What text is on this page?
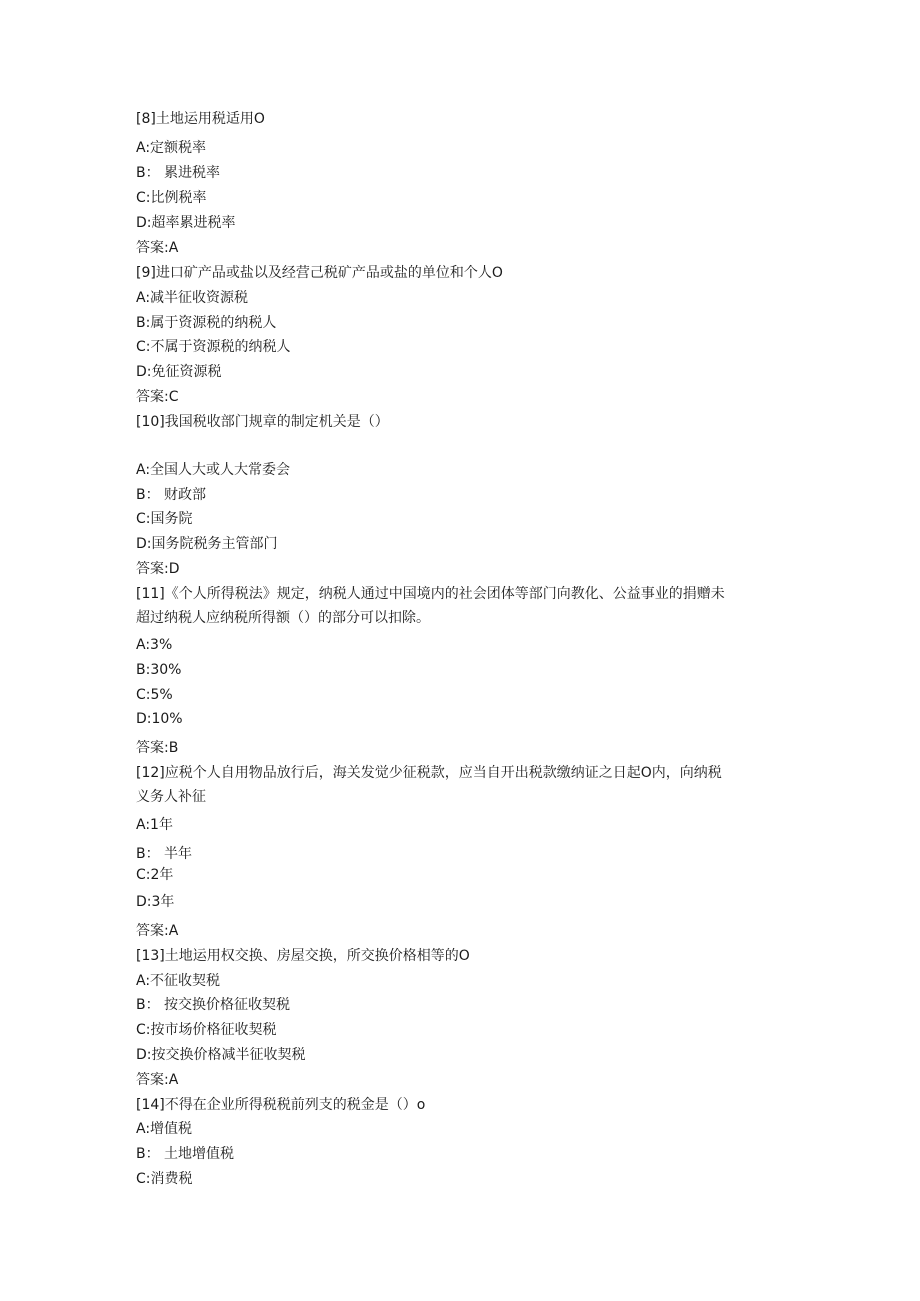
[8]土地运用税适用O
A:定额税率
B： 累进税率
C:比例税率
D:超率累进税率
答案:A
[9]进口矿产品或盐以及经营己税矿产品或盐的单位和个人O
A:减半征收资源税
B:属于资源税的纳税人
C:不属于资源税的纳税人
D:免征资源税
答案:C
[10]我国税收部门规章的制定机关是（）
A:全国人大或人大常委会
B： 财政部
C:国务院
D:国务院税务主管部门
答案:D
[11]《个人所得税法》规定，纳税人通过中国境内的社会团体等部门向教化、公益事业的捐赠未
超过纳税人应纳税所得额（）的部分可以扣除。
A:3%
B:30%
C:5%
D:10%
答案:B
[12]应税个人自用物品放行后，海关发觉少征税款，应当自开出税款缴纳证之日起O内，向纳税
义务人补征
A:1年
B： 半年
C:2年
D:3年
答案:A
[13]土地运用权交换、房屋交换，所交换价格相等的O
A:不征收契税
B： 按交换价格征收契税
C:按市场价格征收契税
D:按交换价格减半征收契税
答案:A
[14]不得在企业所得税税前列支的税金是（）o
A:增值税
B： 土地增值税
C:消费税
